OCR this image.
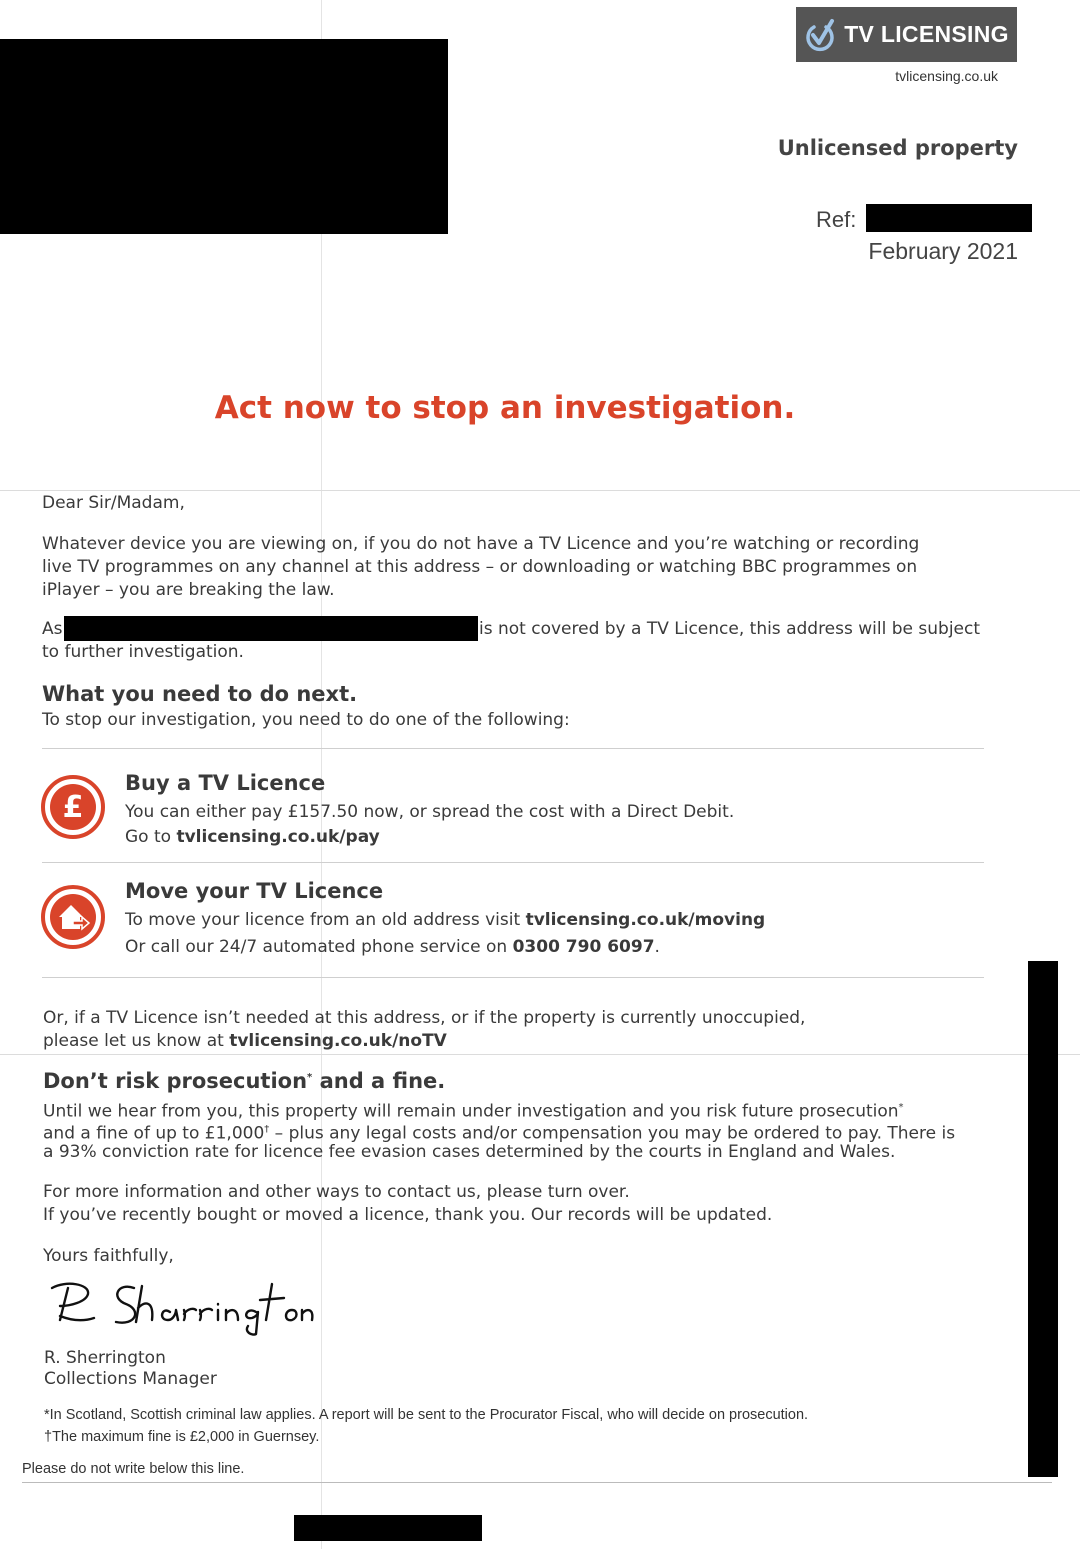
TV LICENSING
tvlicensing.co.uk
Unlicensed property
Ref:
February 2021
Act now to stop an investigation.
Dear Sir/Madam,
Whatever device you are viewing on, if you do not have a TV Licence and you’re watching or recording
live TV programmes on any channel at this address – or downloading or watching BBC programmes on
iPlayer – you are breaking the law.
As	is not covered by a TV Licence, this address will be subject
to further investigation.
What you need to do next.
To stop our investigation, you need to do one of the following:
£
Buy a TV Licence
You can either pay £157.50 now, or spread the cost with a Direct Debit.
Go to tvlicensing.co.uk/pay
Move your TV Licence
To move your licence from an old address visit tvlicensing.co.uk/moving
Or call our 24/7 automated phone service on 0300 790 6097.
Or, if a TV Licence isn’t needed at this address, or if the property is currently unoccupied,
please let us know at tvlicensing.co.uk/noTV
Don’t risk prosecution* and a fine.
Until we hear from you, this property will remain under investigation and you risk future prosecution*
and a fine of up to £1,000† – plus any legal costs and/or compensation you may be ordered to pay. There is
a 93% conviction rate for licence fee evasion cases determined by the courts in England and Wales.
For more information and other ways to contact us, please turn over.
If you’ve recently bought or moved a licence, thank you. Our records will be updated.
Yours faithfully,
R. Sherrington
Collections Manager
*In Scotland, Scottish criminal law applies. A report will be sent to the Procurator Fiscal, who will decide on prosecution.
†The maximum fine is £2,000 in Guernsey.
Please do not write below this line.
